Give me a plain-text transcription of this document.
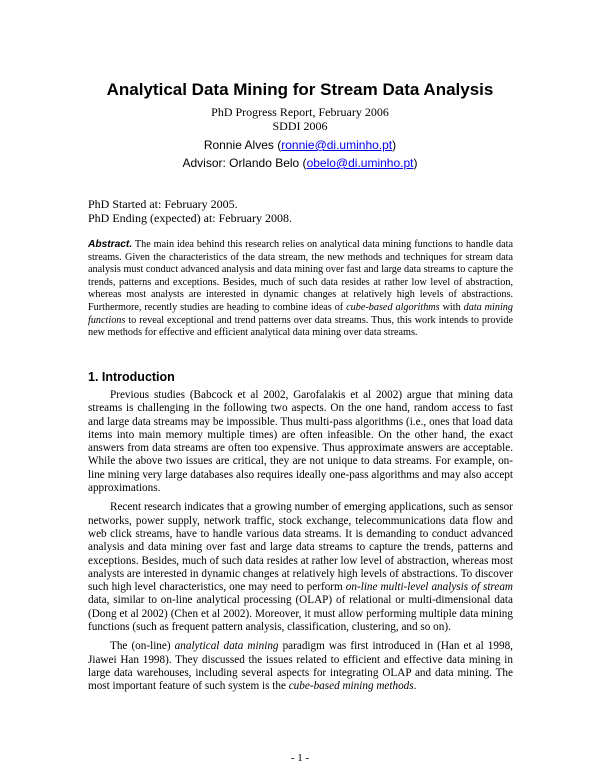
Analytical Data Mining for Stream Data Analysis
PhD Progress Report, February 2006
SDDI 2006
Ronnie Alves (ronnie@di.uminho.pt)
Advisor: Orlando Belo (obelo@di.uminho.pt)
PhD Started at: February 2005.
PhD Ending (expected) at: February 2008.
Abstract. The main idea behind this research relies on analytical data mining functions to handle data streams. Given the characteristics of the data stream, the new methods and techniques for stream data analysis must conduct advanced analysis and data mining over fast and large data streams to capture the trends, patterns and exceptions. Besides, much of such data resides at rather low level of abstraction, whereas most analysts are interested in dynamic changes at relatively high levels of abstractions. Furthermore, recently studies are heading to combine ideas of cube-based algorithms with data mining functions to reveal exceptional and trend patterns over data streams. Thus, this work intends to provide new methods for effective and efficient analytical data mining over data streams.
1. Introduction

Previous studies (Babcock et al 2002, Garofalakis et al 2002) argue that mining data streams is challenging in the following two aspects. On the one hand, random access to fast and large data streams may be impossible. Thus multi-pass algorithms (i.e., ones that load data items into main memory multiple times) are often infeasible. On the other hand, the exact answers from data streams are often too expensive. Thus approximate answers are acceptable. While the above two issues are critical, they are not unique to data streams. For example, on-line mining very large databases also requires ideally one-pass algorithms and may also accept approximations.

Recent research indicates that a growing number of emerging applications, such as sensor networks, power supply, network traffic, stock exchange, telecommunications data flow and web click streams, have to handle various data streams. It is demanding to conduct advanced analysis and data mining over fast and large data streams to capture the trends, patterns and exceptions. Besides, much of such data resides at rather low level of abstraction, whereas most analysts are interested in dynamic changes at relatively high levels of abstractions. To discover such high level characteristics, one may need to perform on-line multi-level analysis of stream data, similar to on-line analytical processing (OLAP) of relational or multi-dimensional data (Dong et al 2002) (Chen et al 2002). Moreover, it must allow performing multiple data mining functions (such as frequent pattern analysis, classification, clustering, and so on).

The (on-line) analytical data mining paradigm was first introduced in (Han et al 1998, Jiawei Han 1998). They discussed the issues related to efficient and effective data mining in large data warehouses, including several aspects for integrating OLAP and data mining. The most important feature of such system is the cube-based mining methods.

- 1 -
